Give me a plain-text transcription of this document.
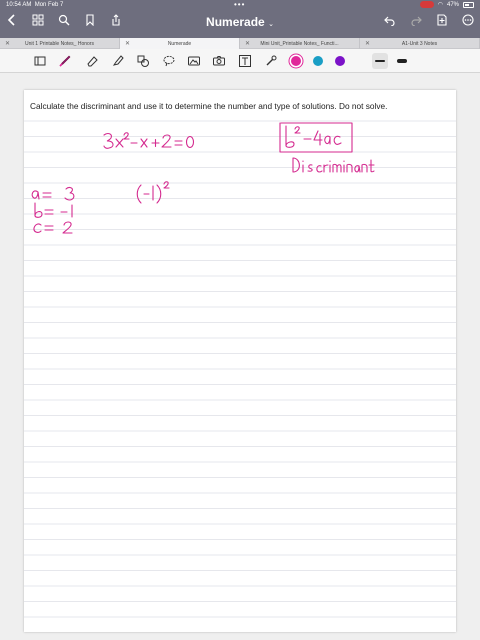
10:54 AM Mon Feb 7	•••	◠ 47%
Numerade ⌄
✕	Unit 1 Printable Notes_ Honors	✕	Numerade	✕ Mini Unit_Printable Notes_ Functi...	✕	A1-Unit 3 Notes
Calculate the discriminant and use it to determine the number and type of solutions. Do not solve.
